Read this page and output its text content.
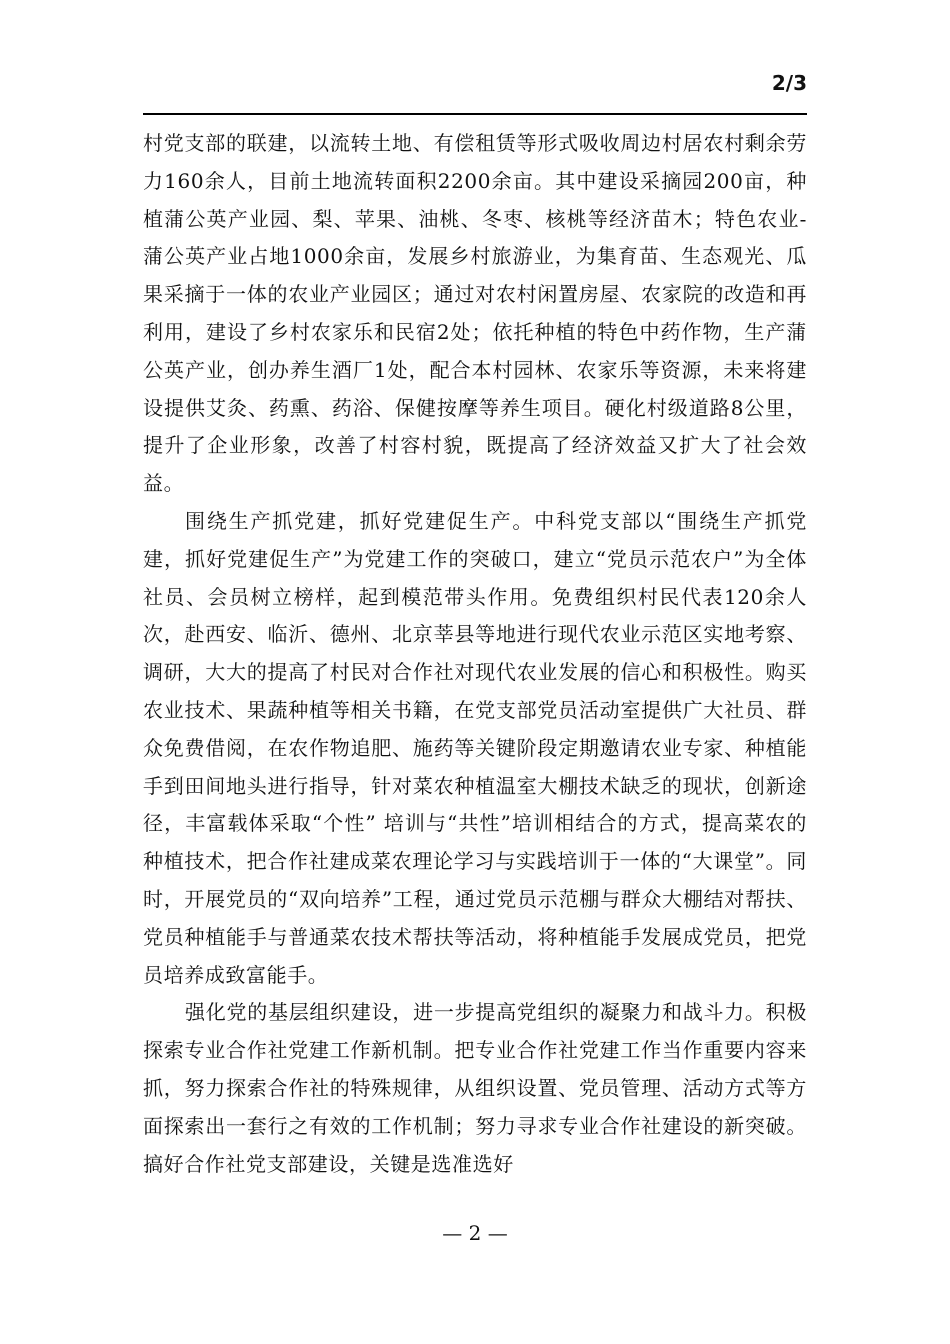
2/3

村党支部的联建，以流转土地、有偿租赁等形式吸收周边村居农村剩余劳力160余人，目前土地流转面积2200余亩。其中建设采摘园200亩，种植蒲公英产业园、梨、苹果、油桃、冬枣、核桃等经济苗木；特色农业-蒲公英产业占地1000余亩，发展乡村旅游业，为集育苗、生态观光、瓜果采摘于一体的农业产业园区；通过对农村闲置房屋、农家院的改造和再利用，建设了乡村农家乐和民宿2处；依托种植的特色中药作物，生产蒲公英产业，创办养生酒厂1处，配合本村园林、农家乐等资源，未来将建设提供艾灸、药熏、药浴、保健按摩等养生项目。硬化村级道路8公里，提升了企业形象，改善了村容村貌，既提高了经济效益又扩大了社会效益。

围绕生产抓党建，抓好党建促生产。中科党支部以“围绕生产抓党建，抓好党建促生产”为党建工作的突破口，建立“党员示范农户”为全体社员、会员树立榜样，起到模范带头作用。免费组织村民代表120余人次，赴西安、临沂、德州、北京莘县等地进行现代农业示范区实地考察、调研，大大的提高了村民对合作社对现代农业发展的信心和积极性。购买农业技术、果蔬种植等相关书籍，在党支部党员活动室提供广大社员、群众免费借阅，在农作物追肥、施药等关键阶段定期邀请农业专家、种植能手到田间地头进行指导，针对菜农种植温室大棚技术缺乏的现状，创新途径，丰富载体采取“个性” 培训与“共性”培训相结合的方式，提高菜农的种植技术，把合作社建成菜农理论学习与实践培训于一体的“大课堂”。同时，开展党员的“双向培养”工程，通过党员示范棚与群众大棚结对帮扶、党员种植能手与普通菜农技术帮扶等活动，将种植能手发展成党员，把党员培养成致富能手。

强化党的基层组织建设，进一步提高党组织的凝聚力和战斗力。积极探索专业合作社党建工作新机制。把专业合作社党建工作当作重要内容来抓，努力探索合作社的特殊规律，从组织设置、党员管理、活动方式等方面探索出一套行之有效的工作机制；努力寻求专业合作社建设的新突破。搞好合作社党支部建设，关键是选准选好

— 2 —
